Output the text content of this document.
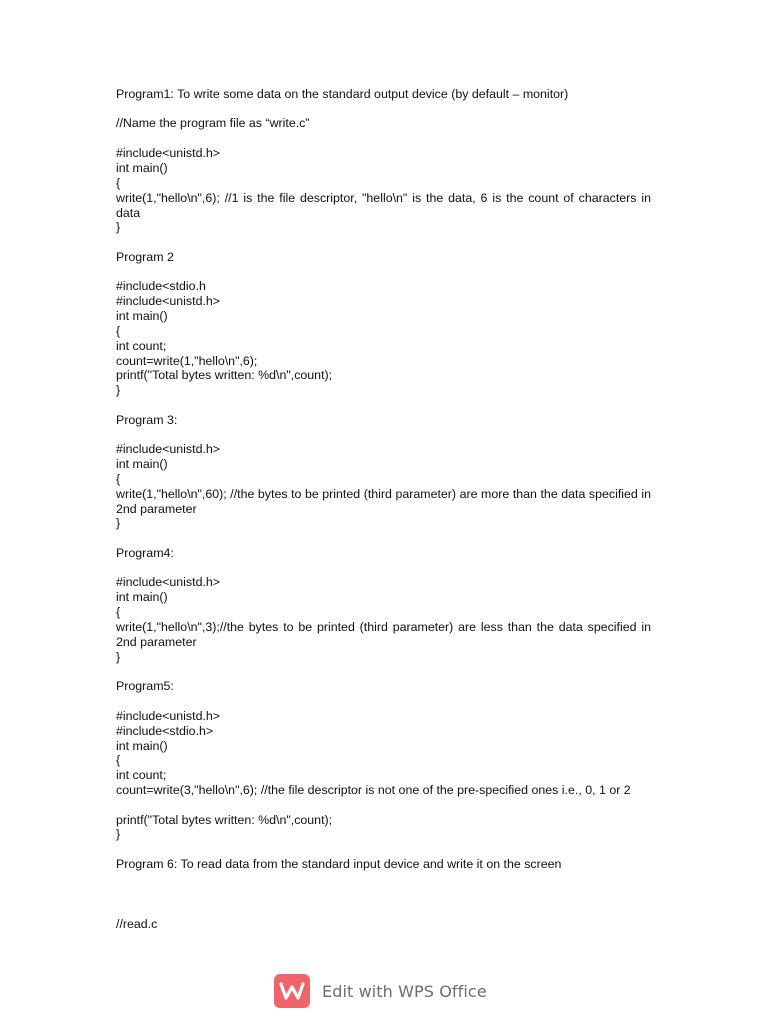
Program1: To write some data on the standard output device (by default – monitor)
//Name the program file as “write.c”
#include<unistd.h>
int main()
{
write(1,"hello\n",6); //1 is the file descriptor, "hello\n" is the data, 6 is the count of characters in data
}
Program 2
#include<stdio.h
#include<unistd.h>
int main()
{
int count;
count=write(1,"hello\n",6);
printf("Total bytes written: %d\n",count);
}
Program 3:
#include<unistd.h>
int main()
{
write(1,"hello\n",60); //the bytes to be printed (third parameter) are more than the data specified in 2nd parameter
}
Program4:
#include<unistd.h>
int main()
{
write(1,"hello\n",3);//the bytes to be printed (third parameter) are less than the data specified in 2nd parameter
}
Program5:
#include<unistd.h>
#include<stdio.h>
int main()
{
int count;
count=write(3,"hello\n",6); //the file descriptor is not one of the pre-specified ones i.e., 0, 1 or 2
printf("Total bytes written: %d\n",count);
}
Program 6: To read data from the standard input device and write it on the screen
//read.c
Edit with WPS Office
